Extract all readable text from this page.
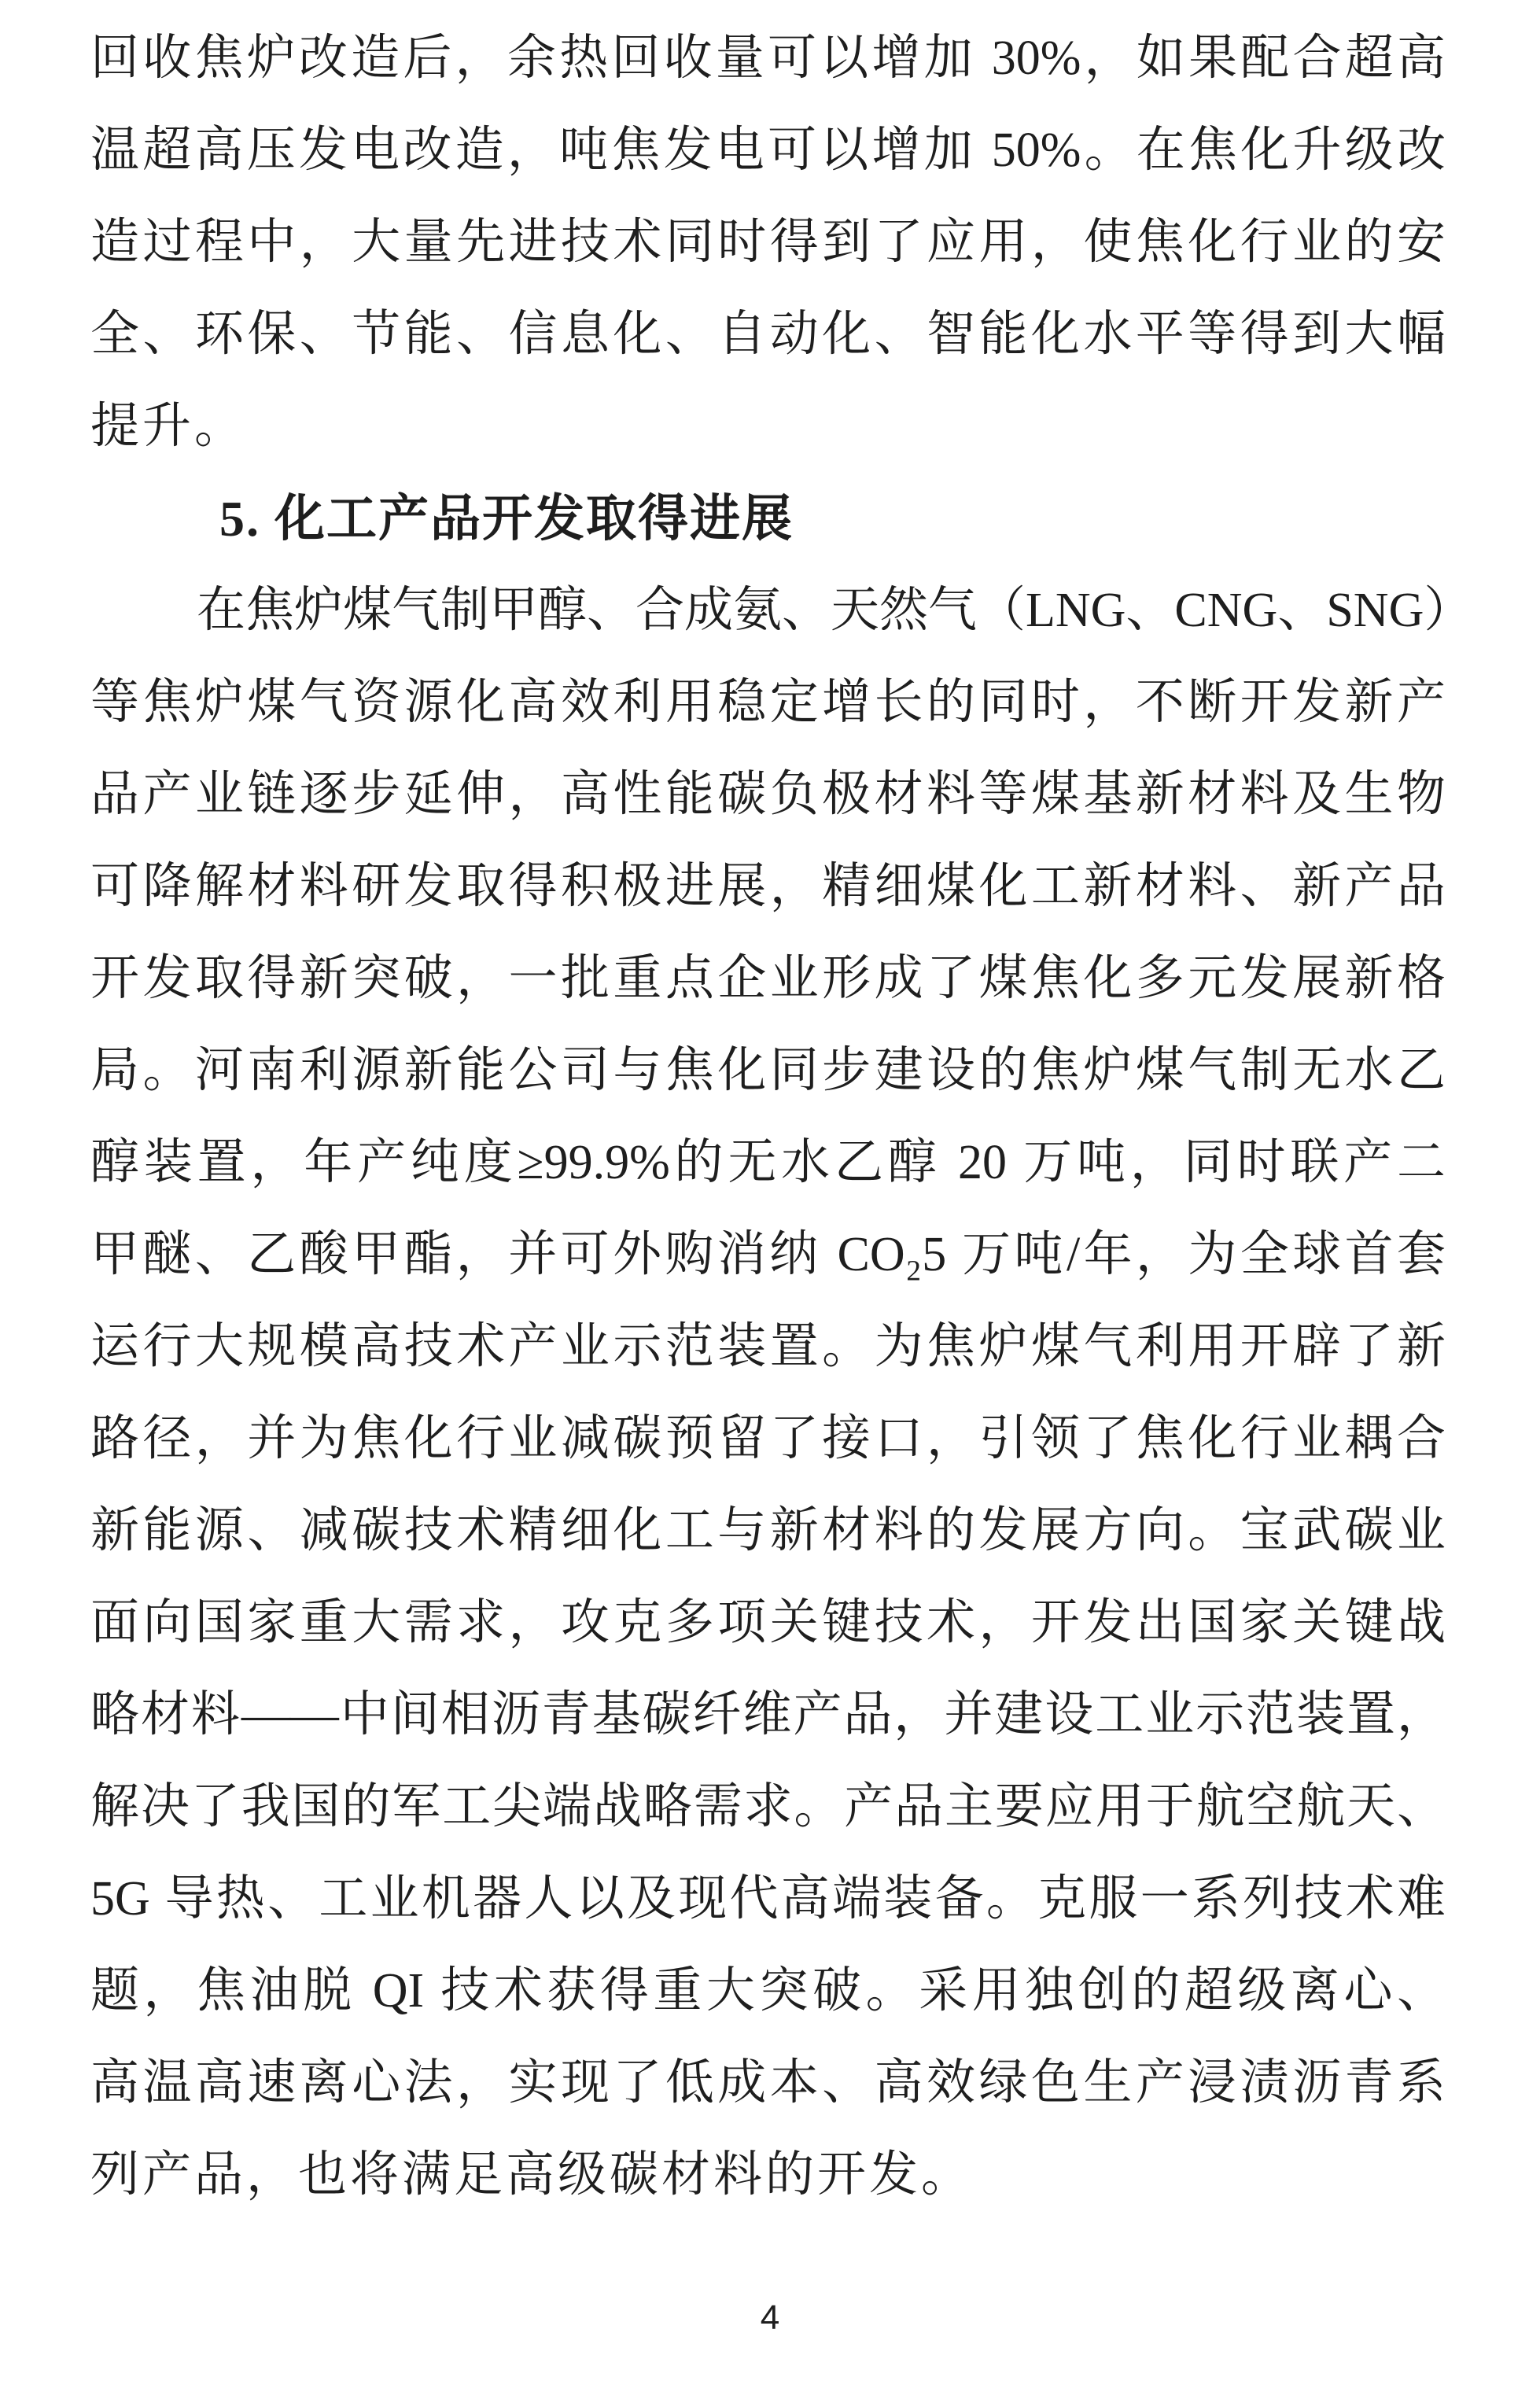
回收焦炉改造后，余热回收量可以增加 30%，如果配合超高

温超高压发电改造，吨焦发电可以增加 50%。在焦化升级改

造过程中，大量先进技术同时得到了应用，使焦化行业的安

全、环保、节能、信息化、自动化、智能化水平等得到大幅

提升。

5. 化工产品开发取得进展

在焦炉煤气制甲醇、合成氨、天然气（LNG、CNG、SNG）

等焦炉煤气资源化高效利用稳定增长的同时，不断开发新产

品产业链逐步延伸，高性能碳负极材料等煤基新材料及生物

可降解材料研发取得积极进展，精细煤化工新材料、新产品

开发取得新突破，一批重点企业形成了煤焦化多元发展新格

局。河南利源新能公司与焦化同步建设的焦炉煤气制无水乙

醇装置，年产纯度≥99.9%的无水乙醇 20 万吨，同时联产二

甲醚、乙酸甲酯，并可外购消纳 CO₂5 万吨/年，为全球首套

运行大规模高技术产业示范装置。为焦炉煤气利用开辟了新

路径，并为焦化行业减碳预留了接口，引领了焦化行业耦合

新能源、减碳技术精细化工与新材料的发展方向。宝武碳业

面向国家重大需求，攻克多项关键技术，开发出国家关键战

略材料——中间相沥青基碳纤维产品，并建设工业示范装置，

解决了我国的军工尖端战略需求。产品主要应用于航空航天、

5G 导热、工业机器人以及现代高端装备。克服一系列技术难

题，焦油脱 QI 技术获得重大突破。采用独创的超级离心、

高温高速离心法，实现了低成本、高效绿色生产浸渍沥青系

列产品，也将满足高级碳材料的开发。

4
